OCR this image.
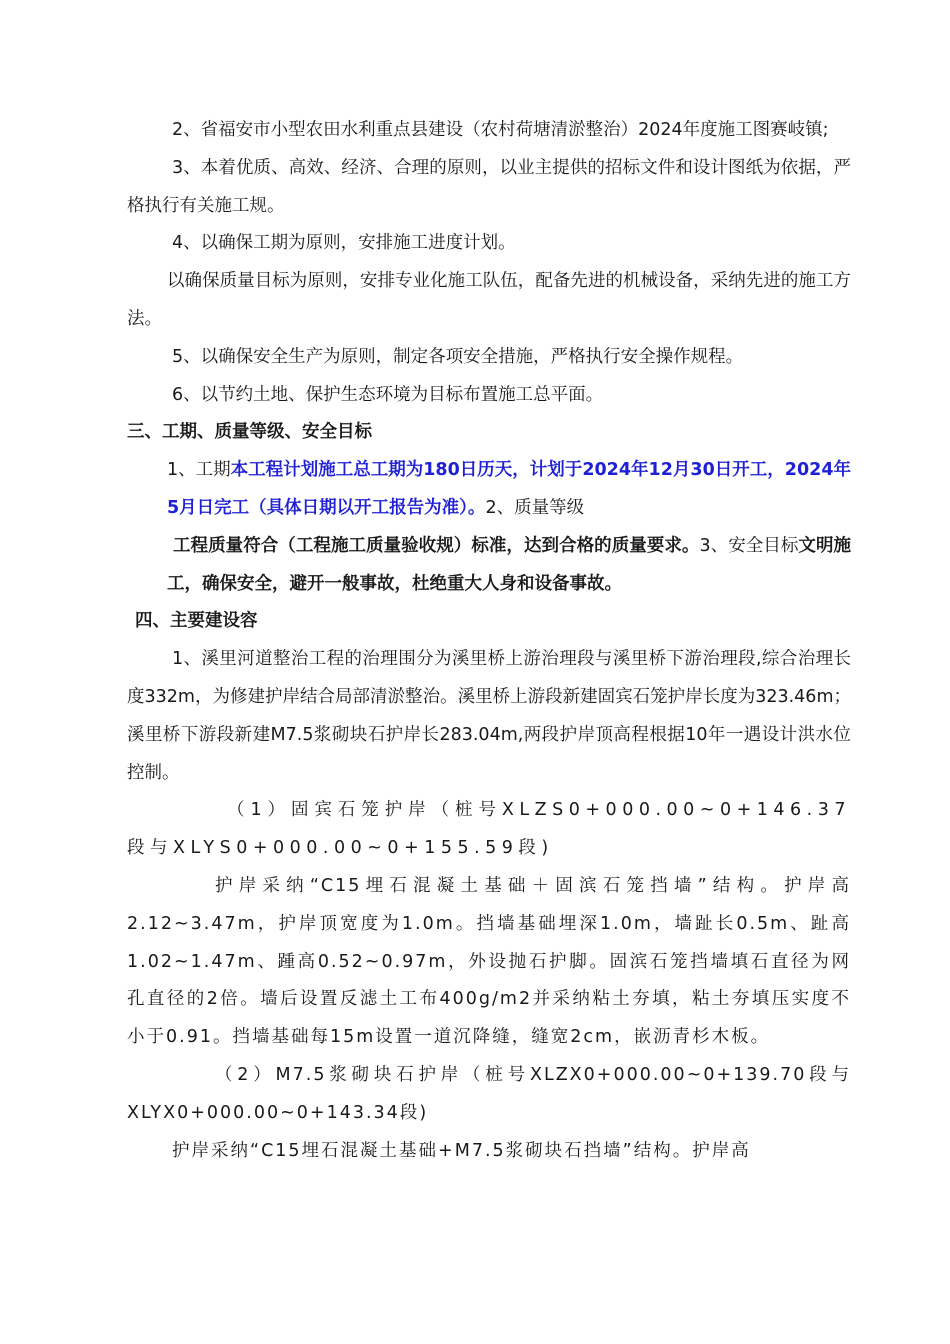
2、省福安市小型农田水利重点县建设（农村荷塘清淤整治）2024年度施工图赛岐镇;

3、本着优质、高效、经济、合理的原则，以业主提供的招标文件和设计图纸为依据，严格执行有关施工规。

4、以确保工期为原则，安排施工进度计划。

以确保质量目标为原则，安排专业化施工队伍，配备先进的机械设备，采纳先进的施工方法。

5、以确保安全生产为原则，制定各项安全措施，严格执行安全操作规程。

6、以节约土地、保护生态环境为目标布置施工总平面。

三、工期、质量等级、安全目标

1、工期本工程计划施工总工期为180日历天，计划于2024年12月30日开工，2024年5月日完工（具体日期以开工报告为准）。2、质量等级

工程质量符合（工程施工质量验收规）标准，达到合格的质量要求。3、安全目标文明施工，确保安全，避开一般事故，杜绝重大人身和设备事故。

四、主要建设容

1、溪里河道整治工程的治理围分为溪里桥上游治理段与溪里桥下游治理段,综合治理长度332m，为修建护岸结合局部清淤整治。溪里桥上游段新建固宾石笼护岸长度为323.46m；溪里桥下游段新建M7.5浆砌块石护岸长283.04m,两段护岸顶高程根据10年一遇设计洪水位控制。

（1）固宾石笼护岸（桩号XLZS0+000.00~0+146.37段与XLYS0+000.00~0+155.59段)

护岸采纳“C15埋石混凝土基础＋固滨石笼挡墙”结构。护岸高2.12~3.47m，护岸顶宽度为1.0m。挡墙基础埋深1.0m，墙趾长0.5m、趾高1.02~1.47m、踵高0.52~0.97m，外设抛石护脚。固滨石笼挡墙填石直径为网孔直径的2倍。墙后设置反滤土工布400g/m2并采纳粘土夯填，粘土夯填压实度不小于0.91。挡墙基础每15m设置一道沉降缝，缝宽2cm，嵌沥青杉木板。

（2）M7.5浆砌块石护岸（桩号XLZX0+000.00~0+139.70段与XLYX0+000.00~0+143.34段)

护岸采纳“C15埋石混凝土基础+M7.5浆砌块石挡墙”结构。护岸高
